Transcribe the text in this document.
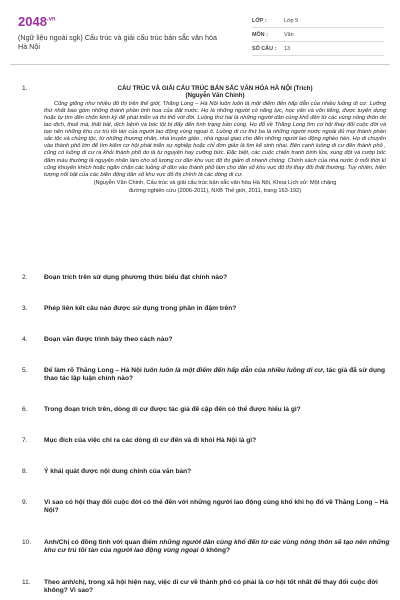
$2048^{.vn}$
(Ngữ liệu ngoài sgk) Cấu trúc và giải cấu trúc bản sắc văn hóa Hà Nội
LỚP :	Lớp 9
MÔN :	Văn
SỐ CÂU :	13
1.	CẤU TRÚC VÀ GIẢI CẤU TRÚC BẢN SẮC VĂN HÓA HÀ NỘI (Trích)
(Nguyễn Văn Chinh)
Cũng giống như nhiều đô thị trên thế giới, Thăng Long – Hà Nội luôn luôn là một điểm đến hấp dẫn của nhiều luồng di cư. Lưỡng thứ nhất bao gồm những thành phần tinh hoa của đất nước. Họ là những người có năng lực, học vấn và vốn liếng, được tuyển dụng hoặc tự tìm đến chốn kinh kỳ để phát triển và thi thố với đời. Luồng thứ hai là những người dân cùng khổ đến từ các vùng nông thôn do lao dịch, thuế má, thất bát, dịch bệnh và bóc lột bị đẩy đến tình trạng bần cùng. Họ đổ về Thăng Long tìm cơ hội thay đổi cuộc đời và tạo nên những khu cư trú tồi tàn của người lao động vùng ngoại ô. Luồng di cư thứ ba là những người nước ngoài đủ mọi thành phần sắc tộc và chủng tộc, từ những thương nhân, nhà truyền giáo , nhà ngoại giao cho đến những người lao động nghèo hèn. Họ di chuyển vào thành phố lớn để tìm kiếm cơ hội phát triển sự nghiệp hoặc chỉ đơn giản là tìm kế sinh nhai. Bên cạnh luồng di cư đến thành phố , cũng có luồng di cư ra khỏi thành phố do là tự nguyện hay cưỡng bức. Đặc biệt, các cuộc chiến tranh binh lửa, xung đột và cướp bóc đẩm máu thường là nguyên nhân làm cho số lượng cư dân khu vực đô thị giảm đi nhanh chóng. Chính sách của nhà nước ở mỗi thời kì cũng khuyến khích hoặc ngăn chặn các luồng di dân vào thành phố làm cho dân số khu vực đô thị thay đổi thất thường. Tuy nhiên, hiện tượng nổi bật của các biến động dân số khu vực đô thị chính là các dòng di cư.
(Nguyễn Văn Chinh, Cấu trúc và giải cấu trúc bản sắc văn hóa Hà Nội, Khoa Lịch sử: Một chặng
đường nghiên cứu (2006-2011), NXB Thế giới, 2011, trang 163-192)
2.	Đoạn trích trên sử dụng phương thức biểu đạt chính nào?
3.	Phép liên kết câu nào được sử dụng trong phần in đậm trên?
4.	Đoạn văn được trình bày theo cách nào?
5.	Để làm rõ Thăng Long – Hà Nội luôn luôn là một điểm đến hấp dẫn của nhiều luồng di cư, tác giả đã sử dụng thao tác lập luận chính nào?
6.	Trong đoạn trích trên, dòng di cư được tác giả đề cập đến có thể được hiểu là gì?
7.	Mục đích của việc chỉ ra các dòng di cư đến và đi khỏi Hà Nội là gì?
8.	Ý khái quát được nội dung chính của văn bản?
9.	Vì sao có hội thay đổi cuộc đời có thể đến với những người lao động cùng khổ khi họ đổ về Thăng Long – Hà Nội?
10. Anh/Chị có đồng tình với quan điểm những người dân cùng khổ đến từ các vùng nông thôn sẽ tạo nên những khu cư trú tồi tàn của người lao động vùng ngoại ô không?
11. Theo anh/chị, trong xã hội hiện nay, việc di cư về thành phố có phải là cơ hội tốt nhất để thay đổi cuộc đời không? Vì sao?
